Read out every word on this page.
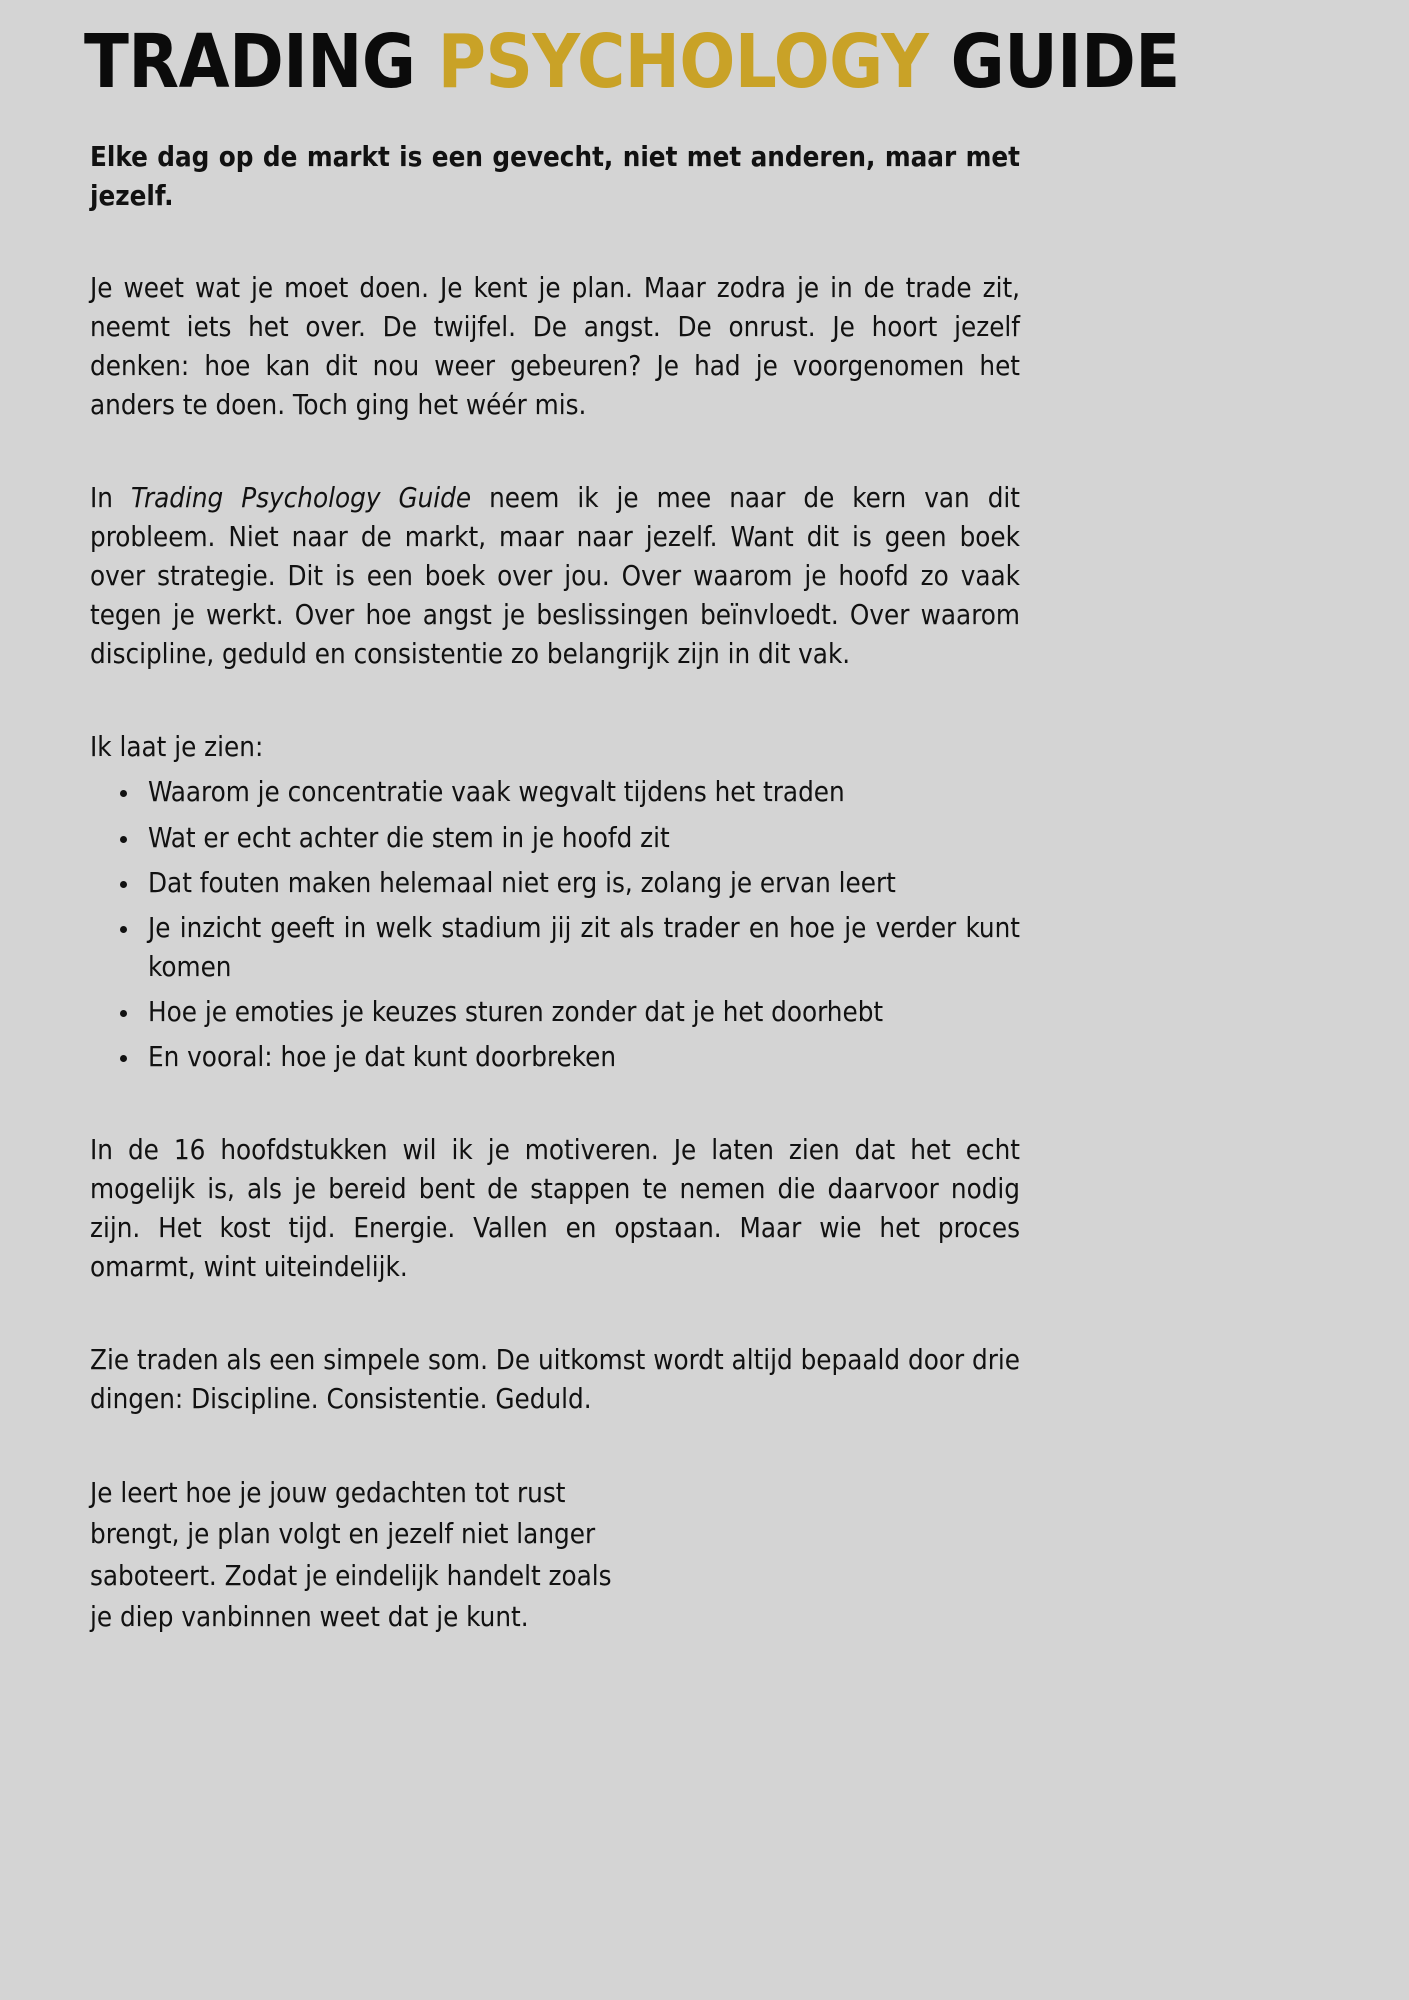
TRADING PSYCHOLOGY GUIDE

Elke dag op de markt is een gevecht, niet met anderen, maar met jezelf.

Je weet wat je moet doen. Je kent je plan. Maar zodra je in de trade zit, neemt iets het over. De twijfel. De angst. De onrust. Je hoort jezelf denken: hoe kan dit nou weer gebeuren? Je had je voorgenomen het anders te doen. Toch ging het wéér mis.

In Trading Psychology Guide neem ik je mee naar de kern van dit probleem. Niet naar de markt, maar naar jezelf. Want dit is geen boek over strategie. Dit is een boek over jou. Over waarom je hoofd zo vaak tegen je werkt. Over hoe angst je beslissingen beïnvloedt. Over waarom discipline, geduld en consistentie zo belangrijk zijn in dit vak.

Ik laat je zien:

Waarom je concentratie vaak wegvalt tijdens het traden
Wat er echt achter die stem in je hoofd zit
Dat fouten maken helemaal niet erg is, zolang je ervan leert
Je inzicht geeft in welk stadium jij zit als trader en hoe je verder kunt komen
Hoe je emoties je keuzes sturen zonder dat je het doorhebt
En vooral: hoe je dat kunt doorbreken

In de 16 hoofdstukken wil ik je motiveren. Je laten zien dat het echt mogelijk is, als je bereid bent de stappen te nemen die daarvoor nodig zijn. Het kost tijd. Energie. Vallen en opstaan. Maar wie het proces omarmt, wint uiteindelijk.

Zie traden als een simpele som. De uitkomst wordt altijd bepaald door drie dingen: Discipline. Consistentie. Geduld.

Je leert hoe je jouw gedachten tot rust
brengt, je plan volgt en jezelf niet langer
saboteert. Zodat je eindelijk handelt zoals
je diep vanbinnen weet dat je kunt.
